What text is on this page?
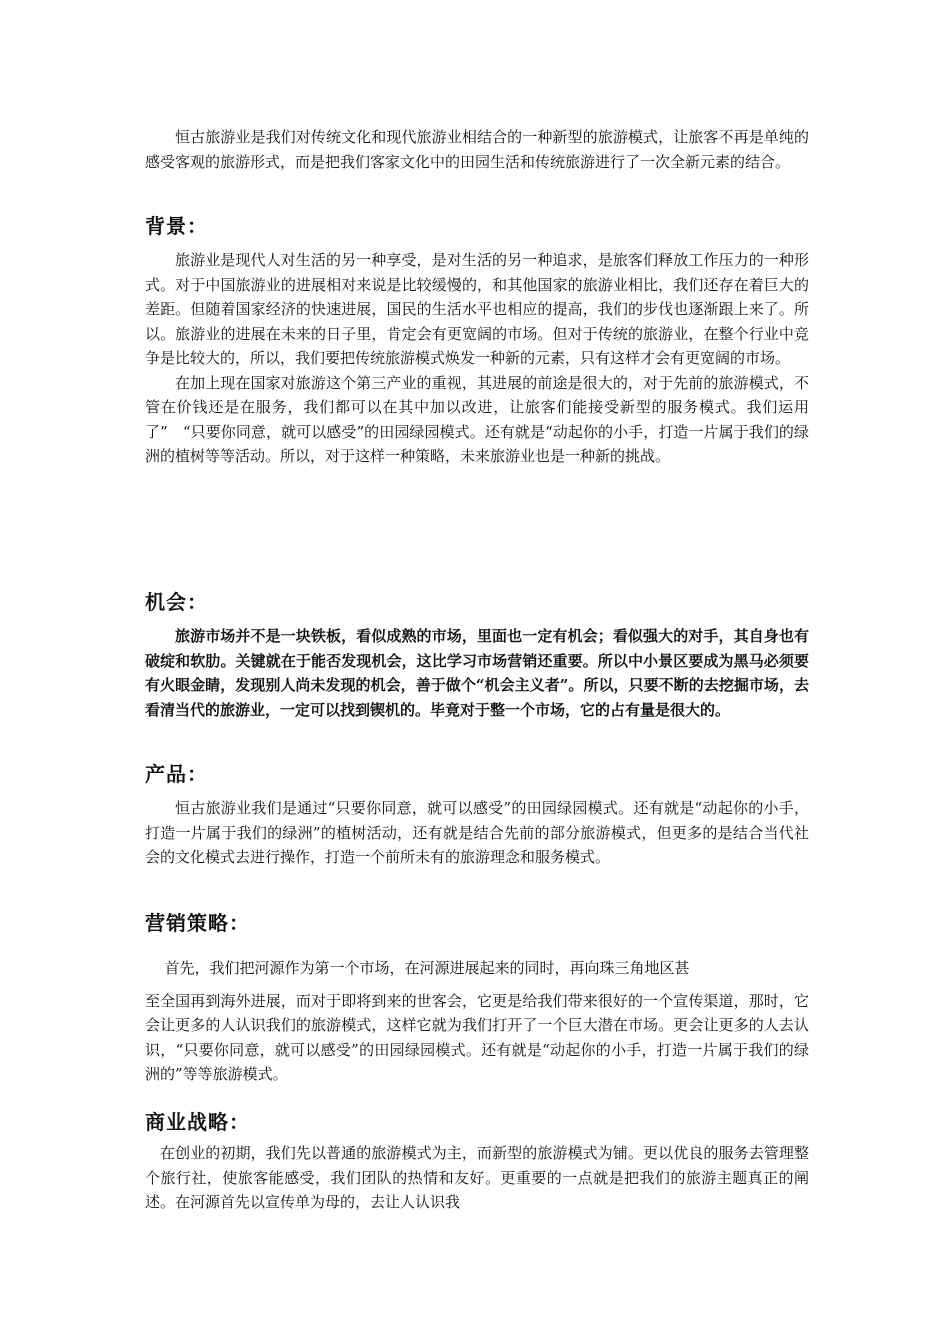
恒古旅游业是我们对传统文化和现代旅游业相结合的一种新型的旅游模式，让旅客不再是单纯的感受客观的旅游形式，而是把我们客家文化中的田园生活和传统旅游进行了一次全新元素的结合。

背景：

旅游业是现代人对生活的另一种享受，是对生活的另一种追求，是旅客们释放工作压力的一种形式。对于中国旅游业的进展相对来说是比较缓慢的，和其他国家的旅游业相比，我们还存在着巨大的差距。但随着国家经济的快速进展，国民的生活水平也相应的提高，我们的步伐也逐渐跟上来了。所以。旅游业的进展在未来的日子里，肯定会有更宽阔的市场。但对于传统的旅游业，在整个行业中竞争是比较大的，所以，我们要把传统旅游模式焕发一种新的元素，只有这样才会有更宽阔的市场。

在加上现在国家对旅游这个第三产业的重视，其进展的前途是很大的，对于先前的旅游模式，不管在价钱还是在服务，我们都可以在其中加以改进，让旅客们能接受新型的服务模式。我们运用了”　“只要你同意，就可以感受”的田园绿园模式。还有就是“动起你的小手，打造一片属于我们的绿洲的植树等等活动。所以，对于这样一种策略，未来旅游业也是一种新的挑战。

机会：

旅游市场并不是一块铁板，看似成熟的市场，里面也一定有机会；看似强大的对手，其自身也有破绽和软肋。关键就在于能否发现机会，这比学习市场营销还重要。所以中小景区要成为黑马必须要有火眼金睛，发现别人尚未发现的机会，善于做个“机会主义者”。所以，只要不断的去挖掘市场，去看清当代的旅游业，一定可以找到锲机的。毕竟对于整一个市场，它的占有量是很大的。

产品：

恒古旅游业我们是通过“只要你同意，就可以感受”的田园绿园模式。还有就是“动起你的小手，打造一片属于我们的绿洲”的植树活动，还有就是结合先前的部分旅游模式，但更多的是结合当代社会的文化模式去进行操作，打造一个前所未有的旅游理念和服务模式。

营销策略：

首先，我们把河源作为第一个市场，在河源进展起来的同时，再向珠三角地区甚

至全国再到海外进展，而对于即将到来的世客会，它更是给我们带来很好的一个宣传渠道，那时，它会让更多的人认识我们的旅游模式，这样它就为我们打开了一个巨大潜在市场。更会让更多的人去认识，“只要你同意，就可以感受”的田园绿园模式。还有就是“动起你的小手，打造一片属于我们的绿洲的”等等旅游模式。

商业战略：

在创业的初期，我们先以普通的旅游模式为主，而新型的旅游模式为铺。更以优良的服务去管理整个旅行社，使旅客能感受，我们团队的热情和友好。更重要的一点就是把我们的旅游主题真正的阐述。在河源首先以宣传单为母的，去让人认识我
